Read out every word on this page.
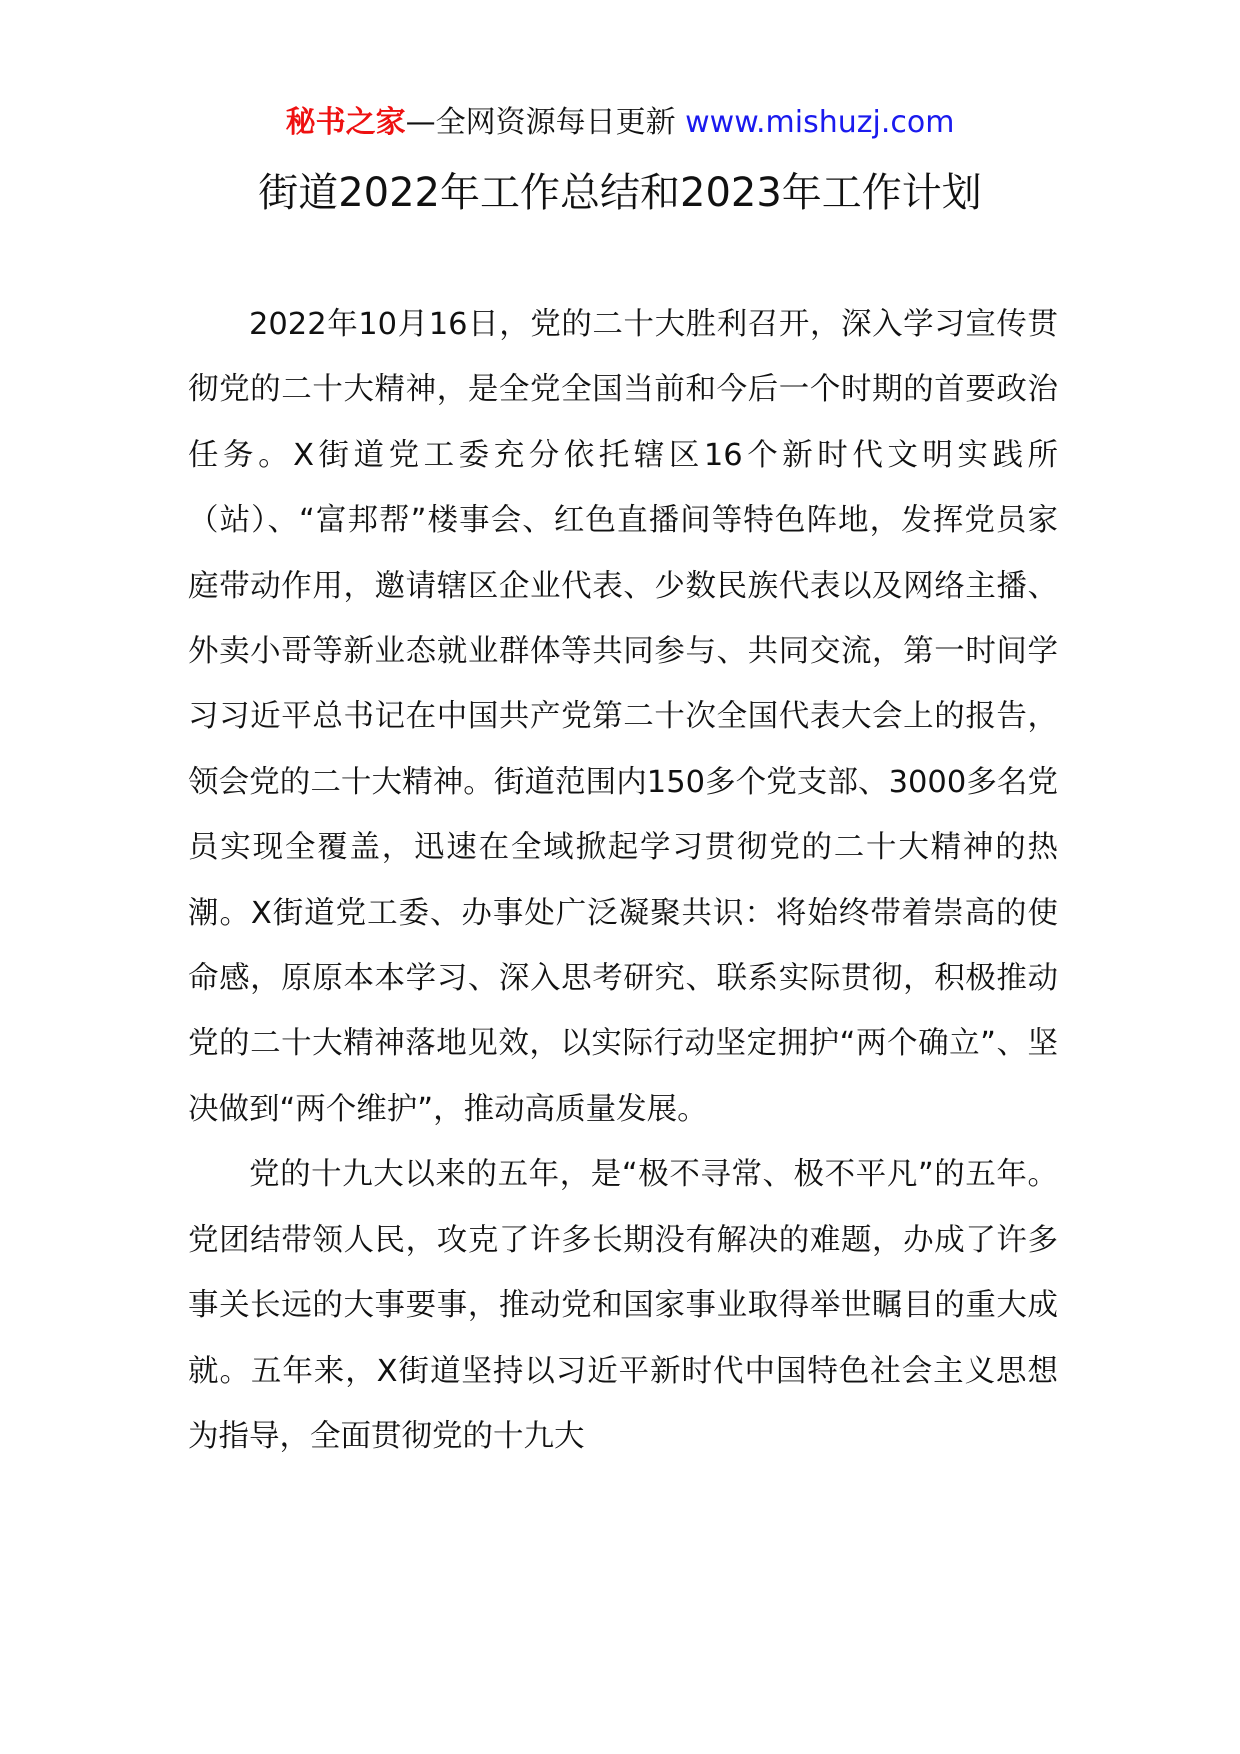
秘书之家—全网资源每日更新 www.mishuzj.com
街道2022年工作总结和2023年工作计划

2022年10月16日，党的二十大胜利召开，深入学习宣传贯彻党的二十大精神，是全党全国当前和今后一个时期的首要政治任务。X街道党工委充分依托辖区16个新时代文明实践所（站）、“富邦帮”楼事会、红色直播间等特色阵地，发挥党员家庭带动作用，邀请辖区企业代表、少数民族代表以及网络主播、外卖小哥等新业态就业群体等共同参与、共同交流，第一时间学习习近平总书记在中国共产党第二十次全国代表大会上的报告，领会党的二十大精神。街道范围内150多个党支部、3000多名党员实现全覆盖，迅速在全域掀起学习贯彻党的二十大精神的热潮。X街道党工委、办事处广泛凝聚共识：将始终带着崇高的使命感，原原本本学习、深入思考研究、联系实际贯彻，积极推动党的二十大精神落地见效，以实际行动坚定拥护“两个确立”、坚决做到“两个维护”，推动高质量发展。

党的十九大以来的五年，是“极不寻常、极不平凡”的五年。党团结带领人民，攻克了许多长期没有解决的难题，办成了许多事关长远的大事要事，推动党和国家事业取得举世瞩目的重大成就。五年来，X街道坚持以习近平新时代中国特色社会主义思想为指导，全面贯彻党的十九大
